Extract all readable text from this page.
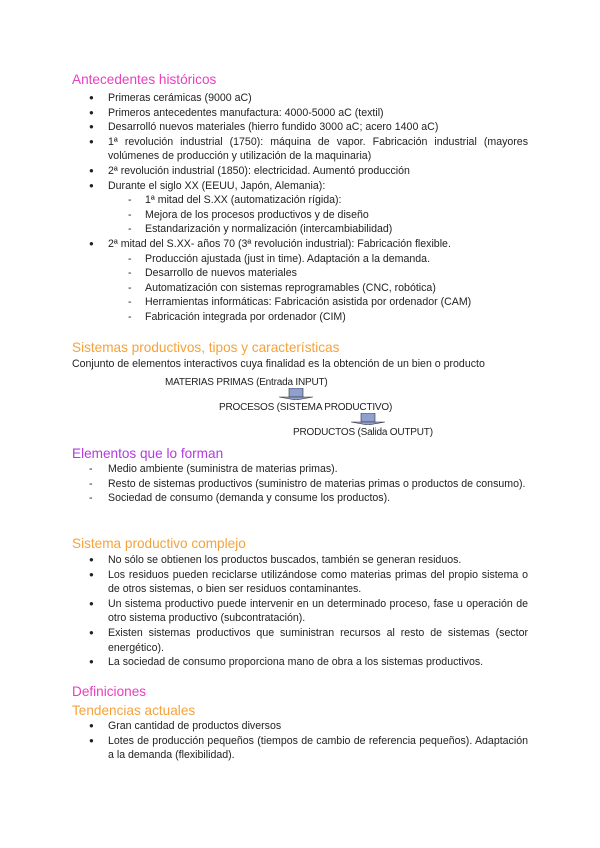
Conjunto de elementos interactivos cuya finalidad es la obtención de un bien o producto
MATERIAS PRIMAS (Entrada INPUT)
PROCESOS (SISTEMA PRODUCTIVO)
PRODUCTOS (Salida OUTPUT)
Antecedentes históricos
● Primeras cerámicas (9000 aC)
● Primeros antecedentes manufactura: 4000-5000 aC (textil)
● Desarrolló nuevos materiales (hierro fundido 3000 aC; acero 1400 aC)
● 1ª revolución industrial (1750): máquina de vapor. Fabricación industrial (mayores volúmenes de producción y utilización de la maquinaria)
● 2ª revolución industrial (1850): electricidad. Aumentó producción
● Durante el siglo XX (EEUU, Japón, Alemania):
- 1ª mitad del S.XX (automatización rígida):
- Mejora de los procesos productivos y de diseño
- Estandarización y normalización (intercambiabilidad)
● 2ª mitad del S.XX- años 70 (3ª revolución industrial): Fabricación flexible.
- Producción ajustada (just in time). Adaptación a la demanda.
- Desarrollo de nuevos materiales
- Automatización con sistemas reprogramables (CNC, robótica)
- Herramientas informáticas: Fabricación asistida por ordenador (CAM)
- Fabricación integrada por ordenador (CIM)
Sistemas productivos, tipos y características
Elementos que lo forman
- Medio ambiente (suministra de materias primas).
- Resto de sistemas productivos (suministro de materias primas o productos de consumo).
- Sociedad de consumo (demanda y consume los productos).
Sistema productivo complejo
● No sólo se obtienen los productos buscados, también se generan residuos.
● Los residuos pueden reciclarse utilizándose como materias primas del propio sistema o de otros sistemas, o bien ser residuos contaminantes.
● Un sistema productivo puede intervenir en un determinado proceso, fase u operación de otro sistema productivo (subcontratación).
● Existen sistemas productivos que suministran recursos al resto de sistemas (sector energético).
● La sociedad de consumo proporciona mano de obra a los sistemas productivos.
Definiciones
Tendencias actuales
● Gran cantidad de productos diversos
● Lotes de producción pequeños (tiempos de cambio de referencia pequeños). Adaptación a la demanda (flexibilidad).
